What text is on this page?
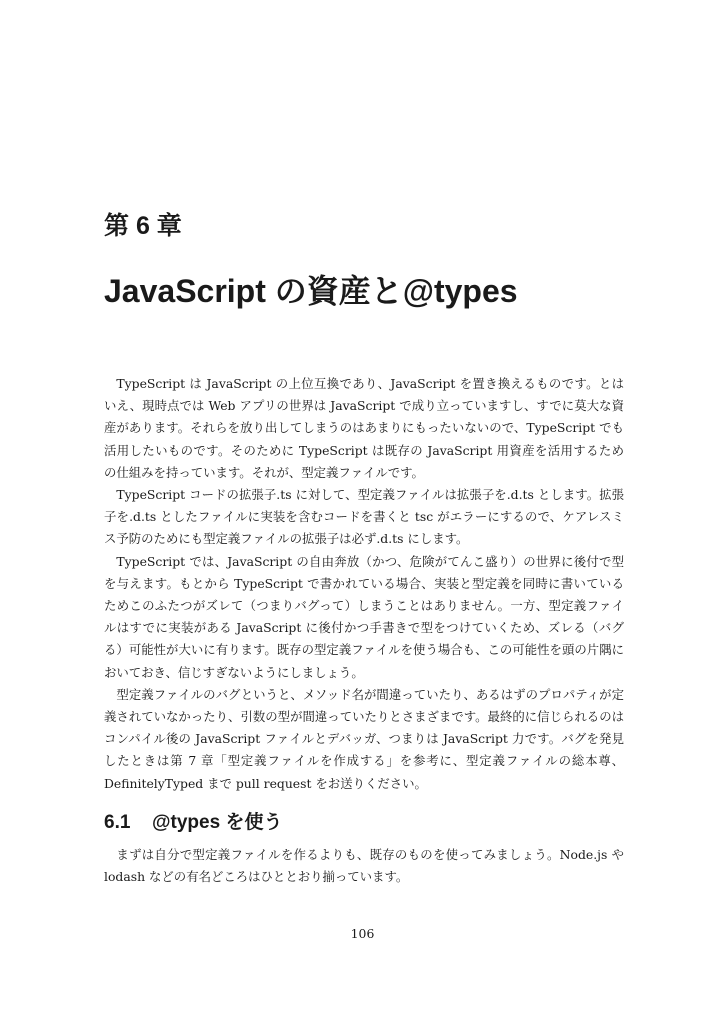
第 6 章
JavaScript の資産と@types

TypeScript は JavaScript の上位互換であり、JavaScript を置き換えるものです。とはいえ、現時点では Web アプリの世界は JavaScript で成り立っていますし、すでに莫大な資産があります。それらを放り出してしまうのはあまりにもったいないので、TypeScript でも活用したいものです。そのために TypeScript は既存の JavaScript 用資産を活用するための仕組みを持っています。それが、型定義ファイルです。

TypeScript コードの拡張子.ts に対して、型定義ファイルは拡張子を.d.ts とします。拡張子を.d.ts としたファイルに実装を含むコードを書くと tsc がエラーにするので、ケアレスミス予防のためにも型定義ファイルの拡張子は必ず.d.ts にします。

TypeScript では、JavaScript の自由奔放（かつ、危険がてんこ盛り）の世界に後付で型を与えます。もとから TypeScript で書かれている場合、実装と型定義を同時に書いているためこのふたつがズレて（つまりバグって）しまうことはありません。一方、型定義ファイルはすでに実装がある JavaScript に後付かつ手書きで型をつけていくため、ズレる（バグる）可能性が大いに有ります。既存の型定義ファイルを使う場合も、この可能性を頭の片隅においておき、信じすぎないようにしましょう。

型定義ファイルのバグというと、メソッド名が間違っていたり、あるはずのプロパティが定義されていなかったり、引数の型が間違っていたりとさまざまです。最終的に信じられるのはコンパイル後の JavaScript ファイルとデバッガ、つまりは JavaScript 力です。バグを発見したときは第 7 章「型定義ファイルを作成する」を参考に、型定義ファイルの総本尊、DefinitelyTyped まで pull request をお送りください。

6.1 @types を使う

まずは自分で型定義ファイルを作るよりも、既存のものを使ってみましょう。Node.js や lodash などの有名どころはひととおり揃っています。

106
